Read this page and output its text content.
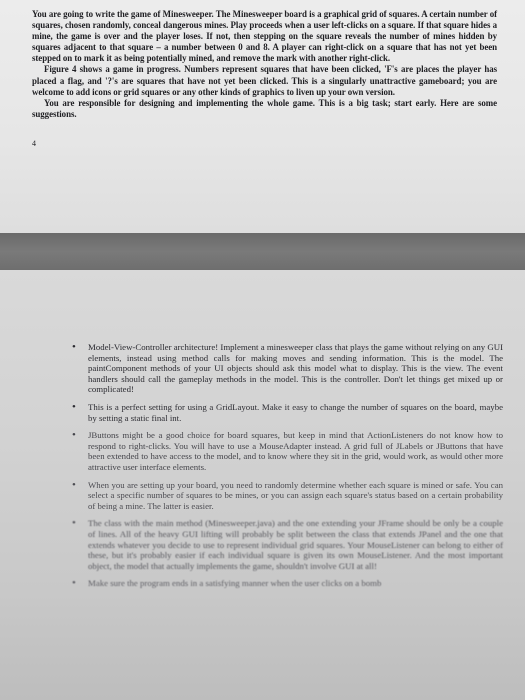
You are going to write the game of Minesweeper. The Minesweeper board is a graphical grid of squares. A certain number of squares, chosen randomly, conceal dangerous mines. Play proceeds when a user left-clicks on a square. If that square hides a mine, the game is over and the player loses. If not, then stepping on the square reveals the number of mines hidden by squares adjacent to that square – a number between 0 and 8. A player can right-click on a square that has not yet been stepped on to mark it as being potentially mined, and remove the mark with another right-click.

Figure 4 shows a game in progress. Numbers represent squares that have been clicked, 'F's are places the player has placed a flag, and '?'s are squares that have not yet been clicked. This is a singularly unattractive gameboard; you are welcome to add icons or grid squares or any other kinds of graphics to liven up your own version.

You are responsible for designing and implementing the whole game. This is a big task; start early. Here are some suggestions.

4

• Model-View-Controller architecture! Implement a minesweeper class that plays the game without relying on any GUI elements, instead using method calls for making moves and sending information. This is the model. The paintComponent methods of your UI objects should ask this model what to display. This is the view. The event handlers should call the gameplay methods in the model. This is the controller. Don't let things get mixed up or complicated!
• This is a perfect setting for using a GridLayout. Make it easy to change the number of squares on the board, maybe by setting a static final int.
• JButtons might be a good choice for board squares, but keep in mind that ActionListeners do not know how to respond to right-clicks. You will have to use a MouseAdapter instead. A grid full of JLabels or JButtons that have been extended to have access to the model, and to know where they sit in the grid, would work, as would other more attractive user interface elements.
• When you are setting up your board, you need to randomly determine whether each square is mined or safe. You can select a specific number of squares to be mines, or you can assign each square's status based on a certain probability of being a mine. The latter is easier.
• The class with the main method (Minesweeper.java) and the one extending your JFrame should be only be a couple of lines. All of the heavy GUI lifting will probably be split between the class that extends JPanel and the one that extends whatever you decide to use to represent individual grid squares. Your MouseListener can belong to either of these, but it's probably easier if each individual square is given its own MouseListener. And the most important object, the model that actually implements the game, shouldn't involve GUI at all!
• Make sure the program ends in a satisfying manner when the user clicks on a bomb
